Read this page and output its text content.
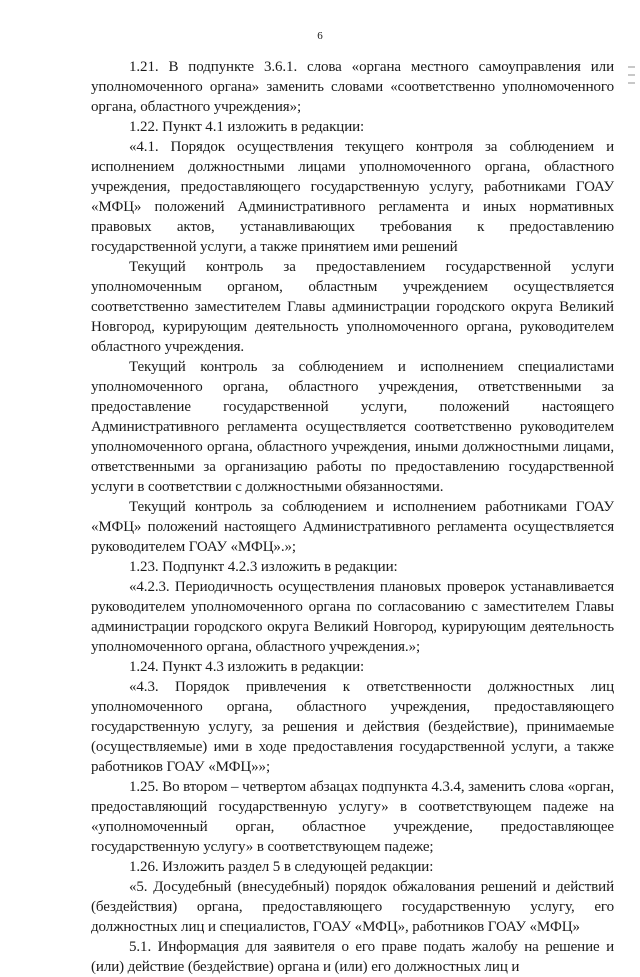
6

1.21. В подпункте 3.6.1. слова «органа местного самоуправления или уполномоченного органа» заменить словами «соответственно уполномоченного органа, областного учреждения»;

1.22. Пункт 4.1 изложить в редакции:

«4.1. Порядок осуществления текущего контроля за соблюдением и исполнением должностными лицами уполномоченного органа, областного учреждения, предоставляющего государственную услугу, работниками ГОАУ «МФЦ» положений Административного регламента и иных нормативных правовых актов, устанавливающих требования к предоставлению государственной услуги, а также принятием ими решений

Текущий контроль за предоставлением государственной услуги уполномоченным органом, областным учреждением осуществляется соответственно заместителем Главы администрации городского округа Великий Новгород, курирующим деятельность уполномоченного органа, руководителем областного учреждения.

Текущий контроль за соблюдением и исполнением специалистами уполномоченного органа, областного учреждения, ответственными за предоставление государственной услуги, положений настоящего Административного регламента осуществляется соответственно руководителем уполномоченного органа, областного учреждения, иными должностными лицами, ответственными за организацию работы по предоставлению государственной услуги в соответствии с должностными обязанностями.

Текущий контроль за соблюдением и исполнением работниками ГОАУ «МФЦ» положений настоящего Административного регламента осуществляется руководителем ГОАУ «МФЦ».»;

1.23. Подпункт 4.2.3 изложить в редакции:

«4.2.3. Периодичность осуществления плановых проверок устанавливается руководителем уполномоченного органа по согласованию с заместителем Главы администрации городского округа Великий Новгород, курирующим деятельность уполномоченного органа, областного учреждения.»;

1.24. Пункт 4.3 изложить в редакции:

«4.3. Порядок привлечения к ответственности должностных лиц уполномоченного органа, областного учреждения, предоставляющего государственную услугу, за решения и действия (бездействие), принимаемые (осуществляемые) ими в ходе предоставления государственной услуги, а также работников ГОАУ «МФЦ»»;

1.25. Во втором – четвертом абзацах подпункта 4.3.4, заменить слова «орган, предоставляющий государственную услугу» в соответствующем падеже на «уполномоченный орган, областное учреждение, предоставляющее государственную услугу» в соответствующем падеже;

1.26. Изложить раздел 5 в следующей редакции:

«5. Досудебный (внесудебный) порядок обжалования решений и действий (бездействия) органа, предоставляющего государственную услугу, его должностных лиц и специалистов, ГОАУ «МФЦ», работников ГОАУ «МФЦ»

5.1. Информация для заявителя о его праве подать жалобу на решение и (или) действие (бездействие) органа и (или) его должностных лиц и
